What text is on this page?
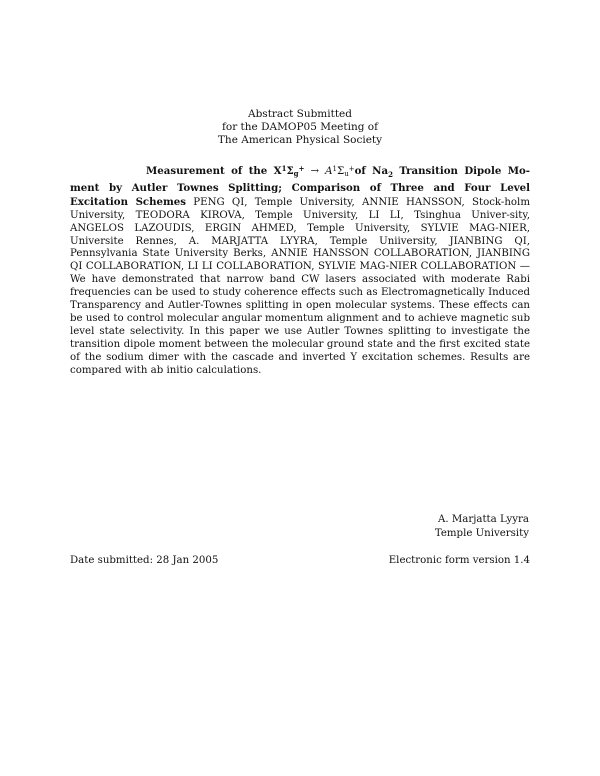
Abstract Submitted
for the DAMOP05 Meeting of
The American Physical Society
Measurement of the $X^1\Sigma_g^+ \to A^1\Sigma_u^+of$ $Na_2$ Transition Dipole Mo-ment by Autler Townes Splitting; Comparison of Three and Four Level Excitation Schemes PENG QI, Temple University, ANNIE HANSSON, Stock-holm University, TEODORA KIROVA, Temple University, LI LI, Tsinghua Univer-sity, ANGELOS LAZOUDIS, ERGIN AHMED, Temple University, SYLVIE MAG-NIER, Universite Rennes, A. MARJATTA LYYRA, Temple Uniiversity, JIANBING QI, Pennsylvania State University Berks, ANNIE HANSSON COLLABORATION, JIANBING QI COLLABORATION, LI LI COLLABORATION, SYLVIE MAG-NIER COLLABORATION — We have demonstrated that narrow band CW lasers associated with moderate Rabi frequencies can be used to study coherence effects such as Electromagnetically Induced Transparency and Autler-Townes splitting in open molecular systems. These effects can be used to control molecular angular momentum alignment and to achieve magnetic sub level state selectivity. In this paper we use Autler Townes splitting to investigate the transition dipole moment between the molecular ground state and the first excited state of the sodium dimer with the cascade and inverted Y excitation schemes. Results are compared with ab initio calculations.
A. Marjatta Lyyra
Temple University
Date submitted: 28 Jan 2005	Electronic form version 1.4
